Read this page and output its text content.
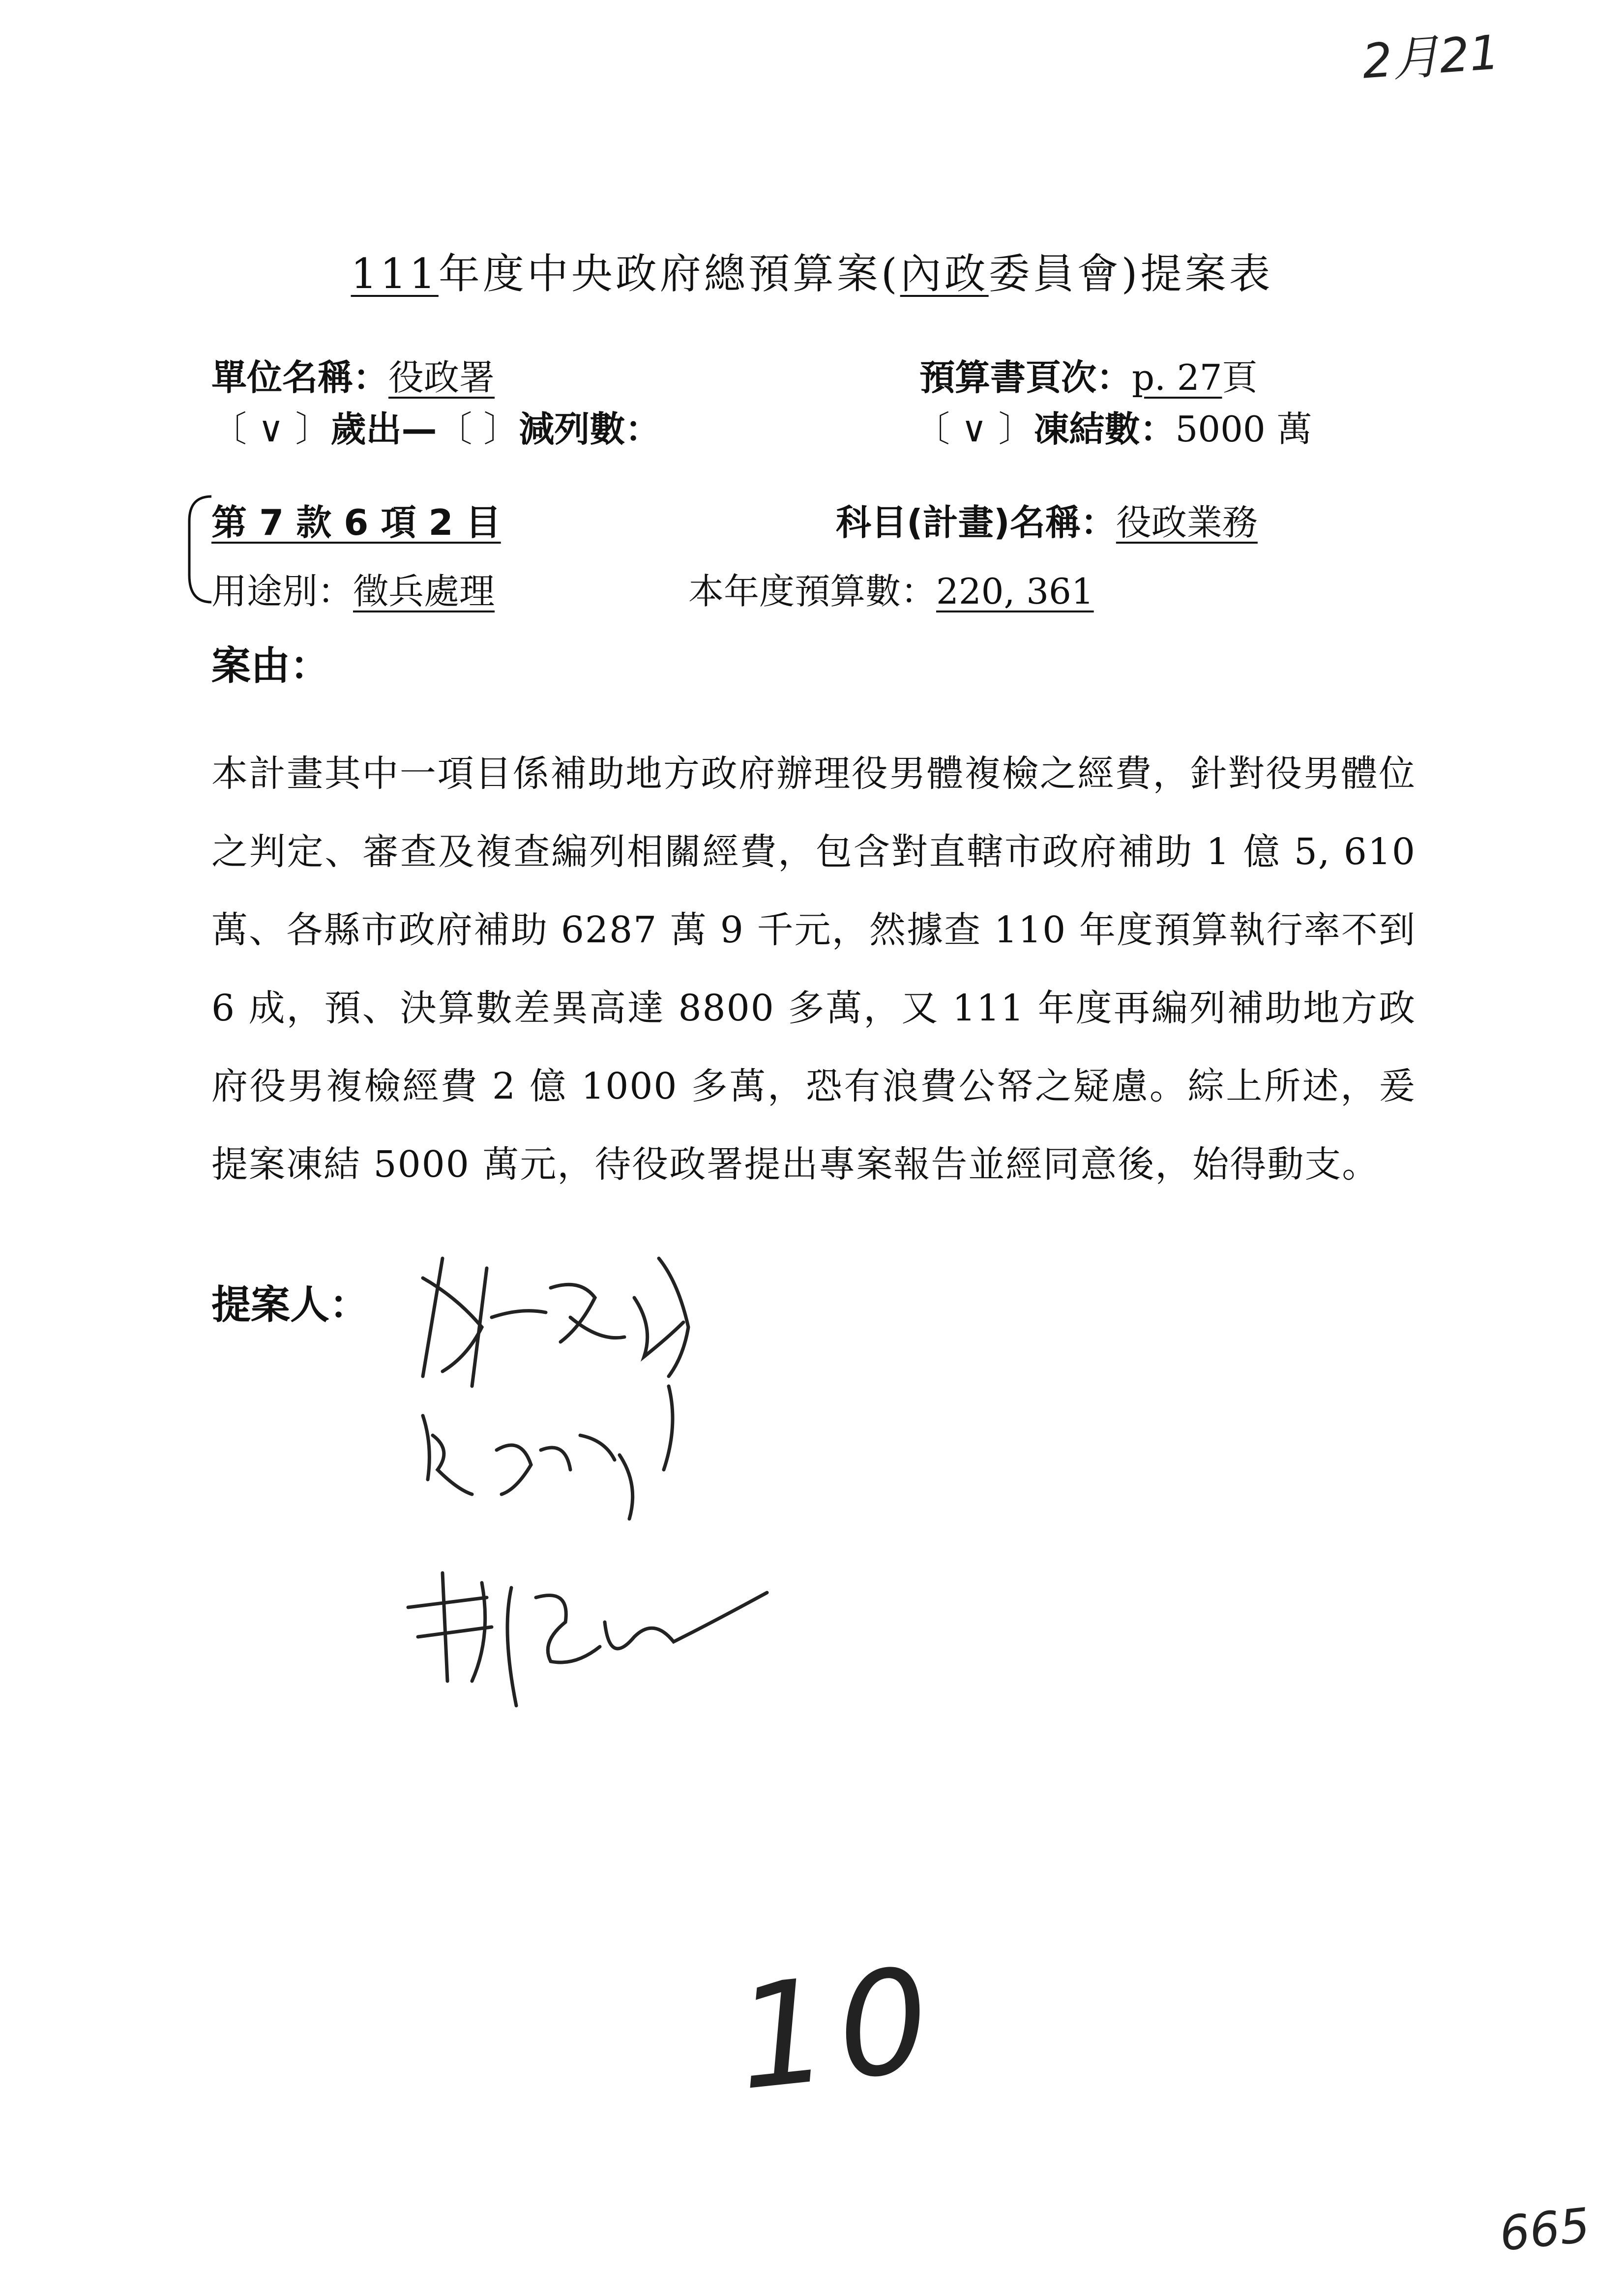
2月21
111年度中央政府總預算案(內政委員會)提案表
單位名稱：役政署	預算書頁次：p. 27頁
〔 ∨ 〕歲出—〔 〕減列數：	〔 ∨ 〕凍結數：5000 萬
第 7 款 6 項 2 目	科目(計畫)名稱：役政業務
用途別：徵兵處理	本年度預算數：220, 361
案由：
本計畫其中一項目係補助地方政府辦理役男體複檢之經費，針對役男體位之判定、審查及複查編列相關經費，包含對直轄市政府補助 1 億 5, 610 萬、各縣市政府補助 6287 萬 9 千元，然據查 110 年度預算執行率不到 6 成，預、決算數差異高達 8800 多萬，又 111 年度再編列補助地方政府役男複檢經費 2 億 1000 多萬，恐有浪費公帑之疑慮。綜上所述，爰提案凍結 5000 萬元，待役政署提出專案報告並經同意後，始得動支。
提案人：
10
665
